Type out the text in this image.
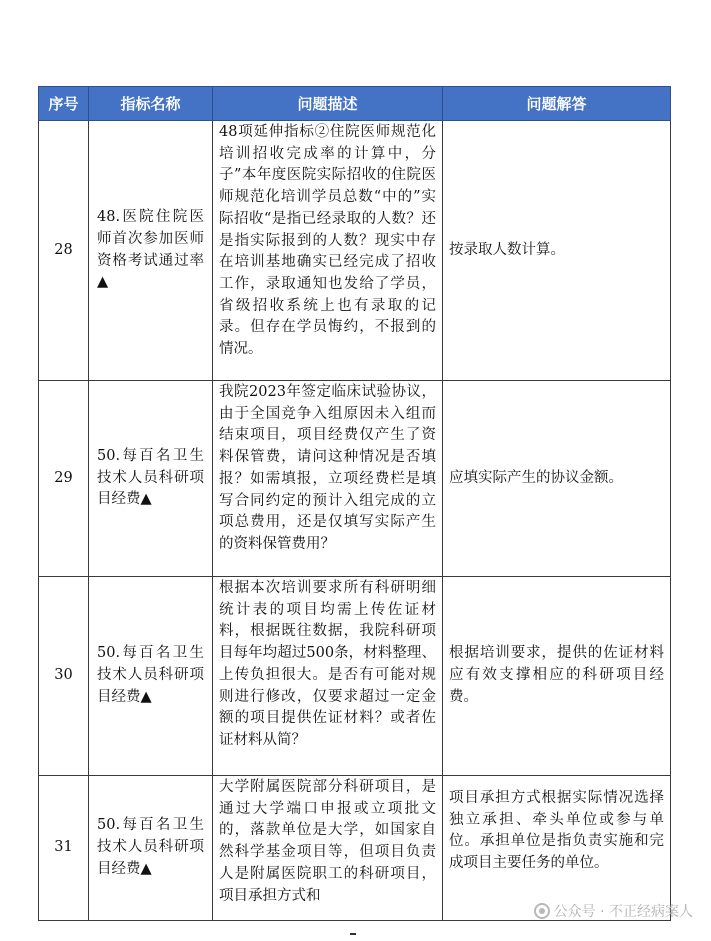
序号	指标名称	问题描述	问题解答
28	48.医院住院医师首次参加医师资格考试通过率▲	48项延伸指标②住院医师规范化培训招收完成率的计算中，分子”本年度医院实际招收的住院医师规范化培训学员总数“中的”实际招收“是指已经录取的人数？还是指实际报到的人数？现实中存在培训基地确实已经完成了招收工作，录取通知也发给了学员，省级招收系统上也有录取的记录。但存在学员悔约，不报到的情况。	按录取人数计算。
29	50.每百名卫生技术人员科研项目经费▲	我院2023年签定临床试验协议，由于全国竞争入组原因未入组而结束项目，项目经费仅产生了资料保管费，请问这种情况是否填报？如需填报，立项经费栏是填写合同约定的预计入组完成的立项总费用，还是仅填写实际产生的资料保管费用？	应填实际产生的协议金额。
30	50.每百名卫生技术人员科研项目经费▲	根据本次培训要求所有科研明细统计表的项目均需上传佐证材料，根据既往数据，我院科研项目每年均超过500条，材料整理、上传负担很大。是否有可能对规则进行修改，仅要求超过一定金额的项目提供佐证材料？或者佐证材料从简？	根据培训要求，提供的佐证材料应有效支撑相应的科研项目经费。
31	50.每百名卫生技术人员科研项目经费▲	大学附属医院部分科研项目，是通过大学端口申报或立项批文的，落款单位是大学，如国家自然科学基金项目等，但项目负责人是附属医院职工的科研项目，项目承担方式和	项目承担方式根据实际情况选择独立承担、牵头单位或参与单位。承担单位是指负责实施和完成项目主要任务的单位。
公众号 · 不正经病案人
